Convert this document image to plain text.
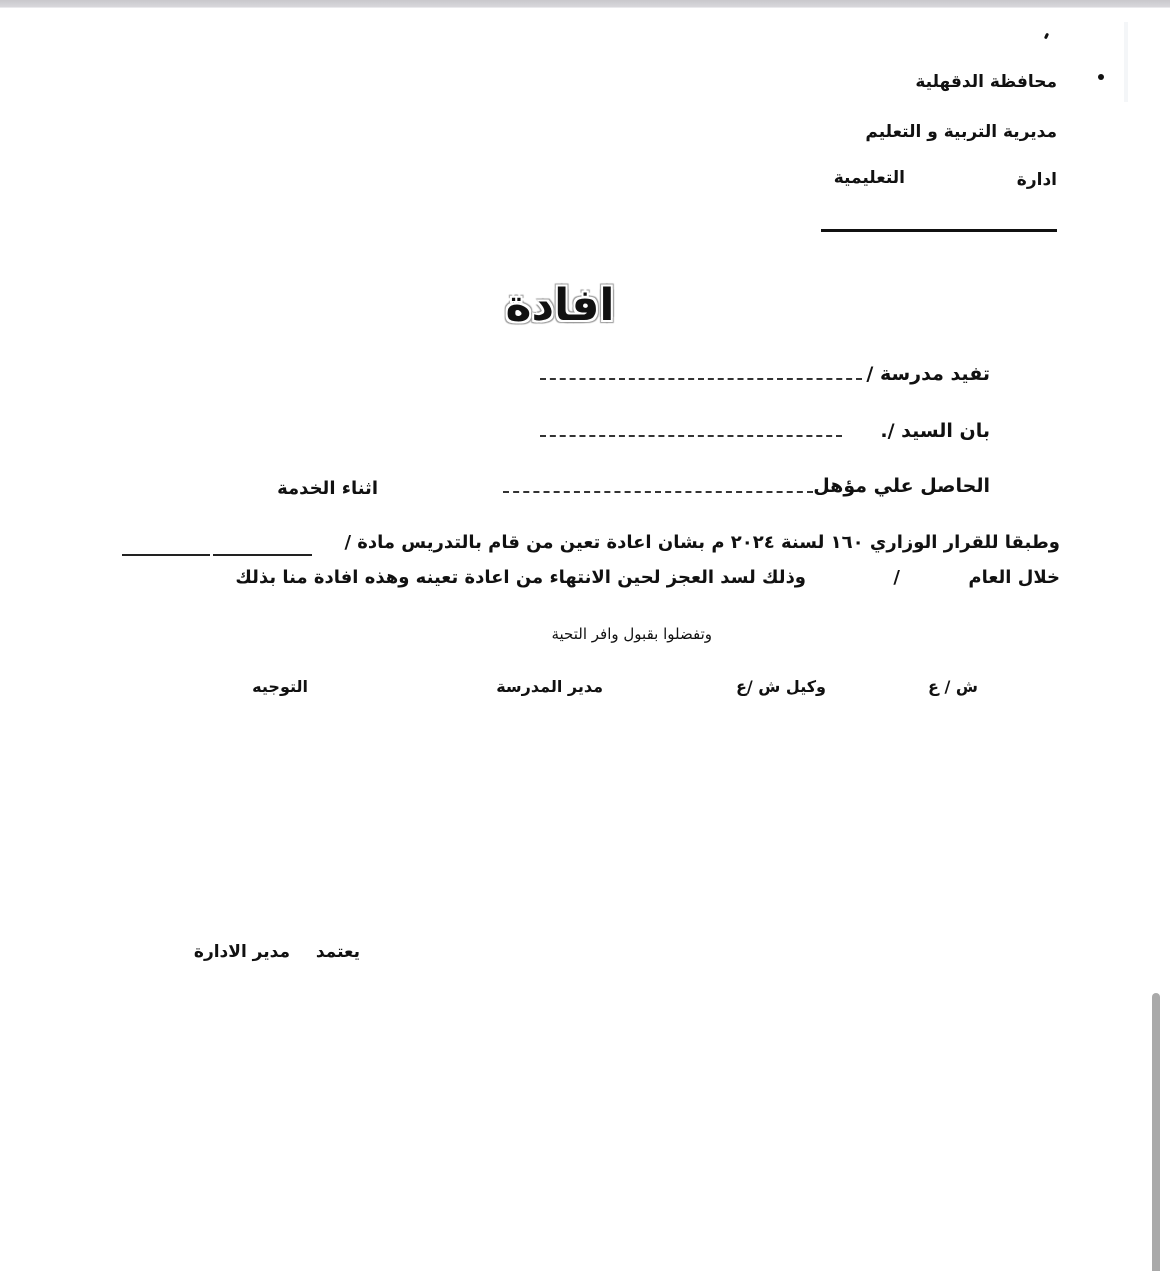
محافظة الدقهلية
مديرية التربية و التعليم
ادارة
التعليمية
افادة
تفيد مدرسة /
بان السيد /.
الحاصل علي مؤهل
اثناء الخدمة
وطبقا للقرار الوزاري ١٦٠ لسنة ٢٠٢٤ م بشان اعادة تعين من قام بالتدريس مادة /
خلال العام
/
وذلك لسد العجز لحين الانتهاء من اعادة تعينه وهذه افادة منا بذلك
وتفضلوا بقبول وافر التحية
ش / ع
وكيل ش /ع
مدير المدرسة
التوجيه
يعتمد
مدير الادارة
